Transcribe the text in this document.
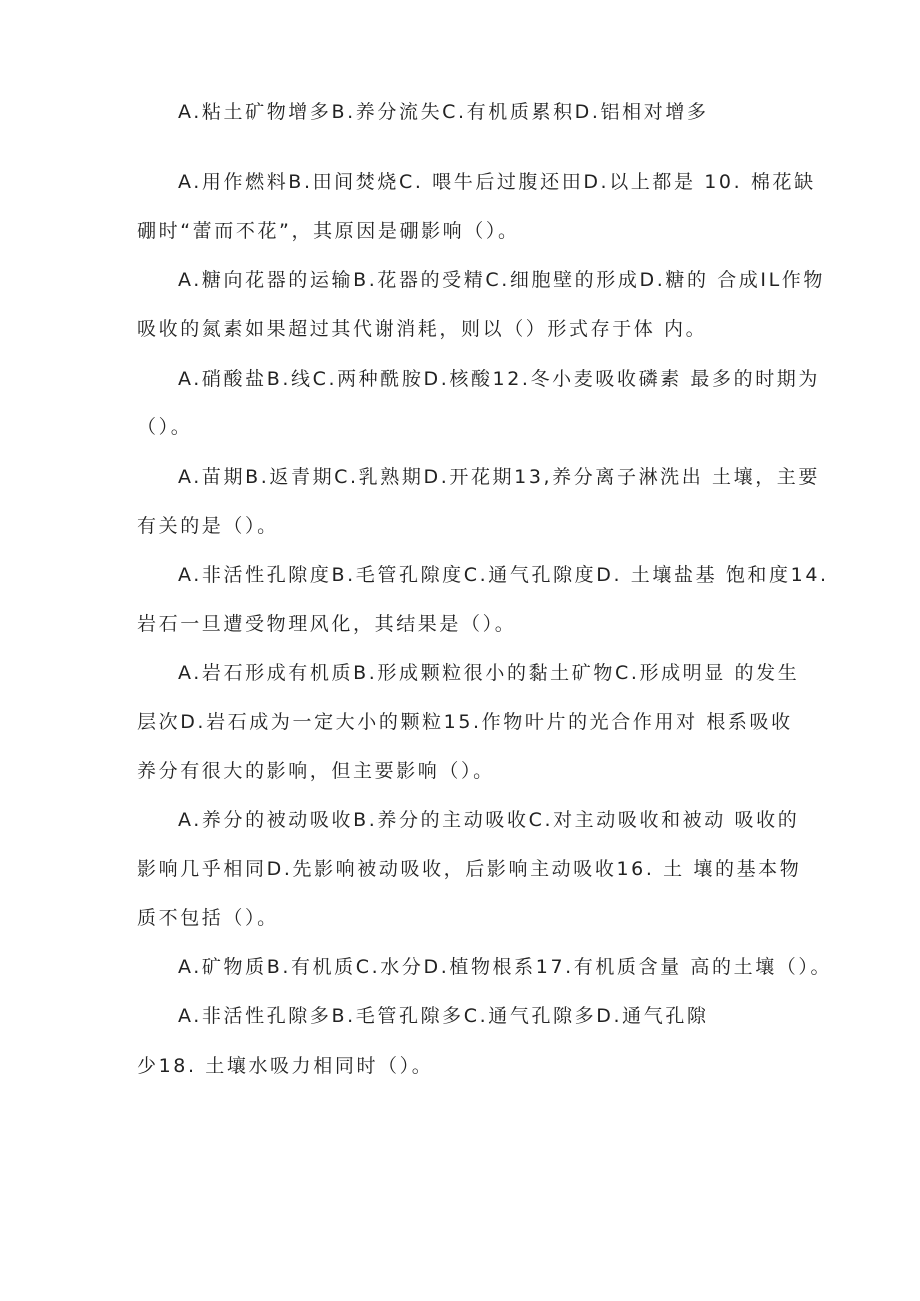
A.粘土矿物增多B.养分流失C.有机质累积D.铝相对增多
A.用作燃料B.田间焚烧C. 喂牛后过腹还田D.以上都是 10. 棉花缺
硼时“蕾而不花”，其原因是硼影响（）。
A.糖向花器的运输B.花器的受精C.细胞壁的形成D.糖的 合成IL作物
吸收的氮素如果超过其代谢消耗，则以（）形式存于体 内。
A.硝酸盐B.线C.两种酰胺D.核酸12.冬小麦吸收磷素 最多的时期为
（）。
A.苗期B.返青期C.乳熟期D.开花期13,养分离子淋洗出 土壤，主要
有关的是（）。
A.非活性孔隙度B.毛管孔隙度C.通气孔隙度D. 土壤盐基 饱和度14.
岩石一旦遭受物理风化，其结果是（）。
A.岩石形成有机质B.形成颗粒很小的黏土矿物C.形成明显 的发生
层次D.岩石成为一定大小的颗粒15.作物叶片的光合作用对 根系吸收
养分有很大的影响，但主要影响（）。
A.养分的被动吸收B.养分的主动吸收C.对主动吸收和被动 吸收的
影响几乎相同D.先影响被动吸收，后影响主动吸收16. 土 壤的基本物
质不包括（）。
A.矿物质B.有机质C.水分D.植物根系17.有机质含量 高的土壤（）。
A.非活性孔隙多B.毛管孔隙多C.通气孔隙多D.通气孔隙
少18. 土壤水吸力相同时（）。
